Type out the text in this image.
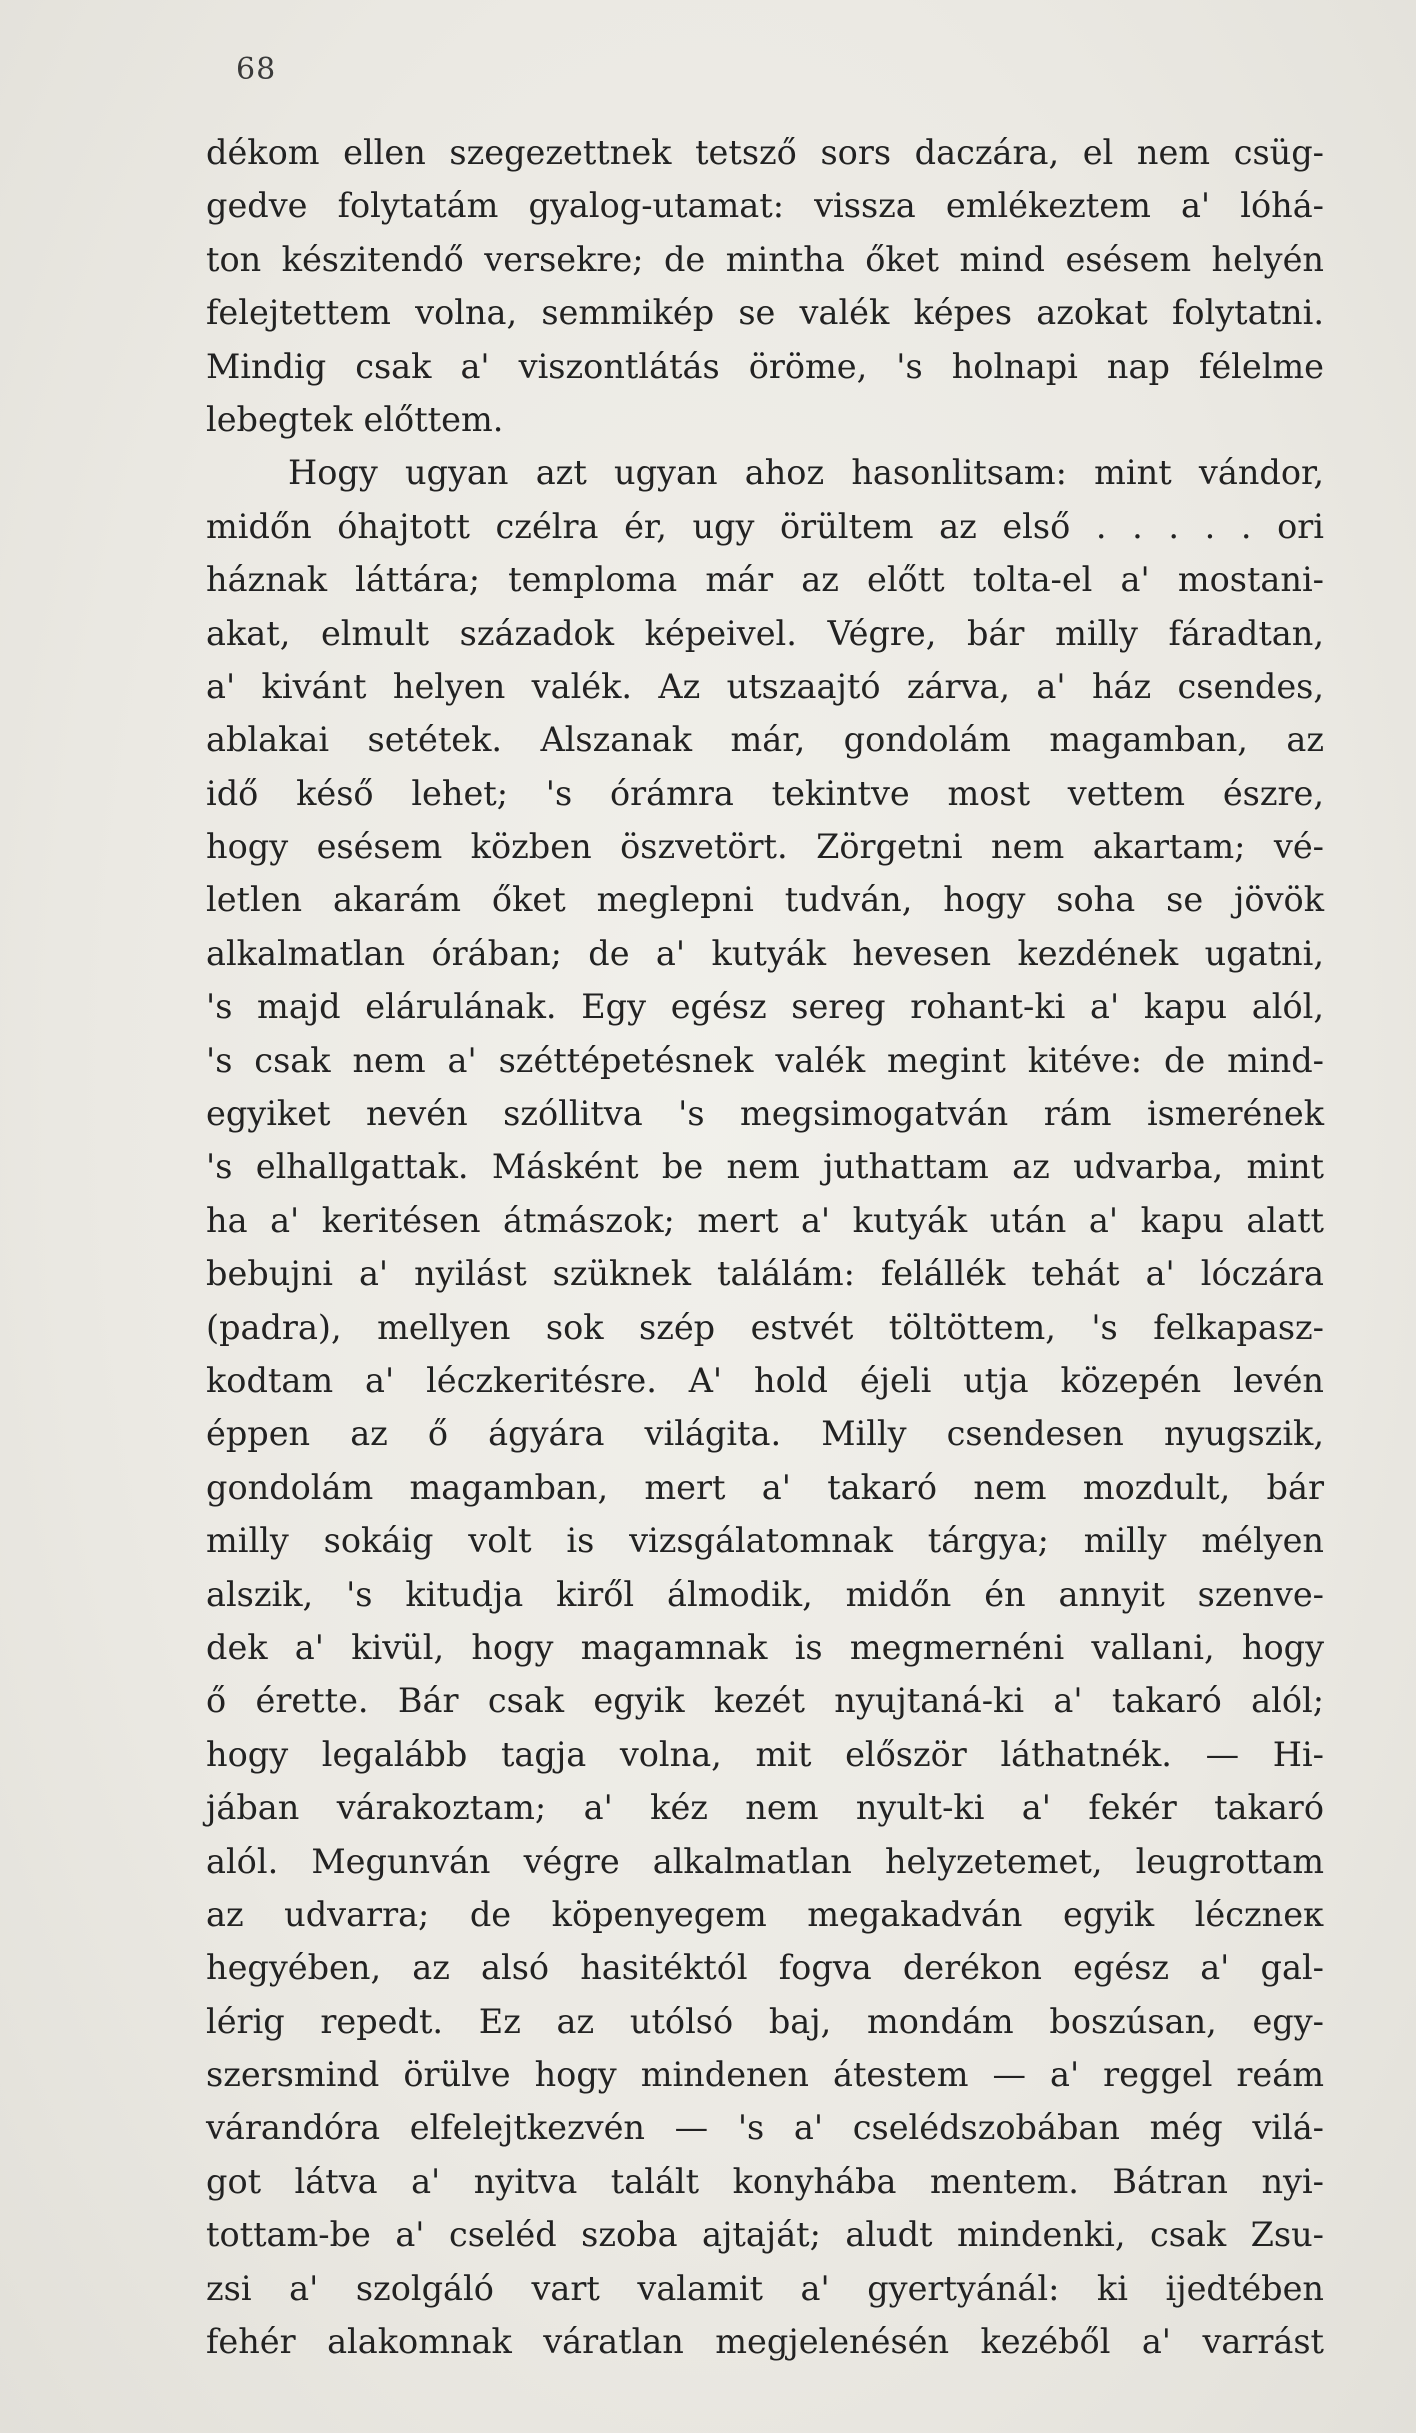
68
dékom ellen szegezettnek tetsző sors daczára, el nem csüg-
gedve folytatám gyalog-utamat: vissza emlékeztem a' lóhá-
ton készitendő versekre; de mintha őket mind esésem helyén
felejtettem volna, semmikép se valék képes azokat folytatni.
Mindig csak a' viszontlátás öröme, 's holnapi nap félelme
lebegtek előttem.
Hogy ugyan azt ugyan ahoz hasonlitsam: mint vándor,
midőn óhajtott czélra ér, ugy örültem az első . . . . . ori
háznak láttára; temploma már az előtt tolta-el a' mostani-
akat, elmult századok képeivel. Végre, bár milly fáradtan,
a' kivánt helyen valék. Az utszaajtó zárva, a' ház csendes,
ablakai setétek. Alszanak már, gondolám magamban, az
idő késő lehet; 's órámra tekintve most vettem észre,
hogy esésem közben öszvetört. Zörgetni nem akartam; vé-
letlen akarám őket meglepni tudván, hogy soha se jövök
alkalmatlan órában; de a' kutyák hevesen kezdének ugatni,
's majd elárulának. Egy egész sereg rohant-ki a' kapu alól,
's csak nem a' széttépetésnek valék megint kitéve: de mind-
egyiket nevén szóllitva 's megsimogatván rám ismerének
's elhallgattak. Másként be nem juthattam az udvarba, mint
ha a' keritésen átmászok; mert a' kutyák után a' kapu alatt
bebujni a' nyilást szüknek találám: felállék tehát a' lóczára
(padra), mellyen sok szép estvét töltöttem, 's felkapasz-
kodtam a' léczkeritésre. A' hold éjeli utja közepén levén
éppen az ő ágyára világita. Milly csendesen nyugszik,
gondolám magamban, mert a' takaró nem mozdult, bár
milly sokáig volt is vizsgálatomnak tárgya; milly mélyen
alszik, 's kitudja kiről álmodik, midőn én annyit szenve-
dek a' kivül, hogy magamnak is megmernéni vallani, hogy
ő érette. Bár csak egyik kezét nyujtaná-ki a' takaró alól;
hogy legalább tagja volna, mit először láthatnék. — Hi-
jában várakoztam; a' kéz nem nyult-ki a' fekér takaró
alól. Megunván végre alkalmatlan helyzetemet, leugrottam
az udvarra; de köpenyegem megakadván egyik léczneк
hegyében, az alsó hasitéktól fogva derékon egész a' gal-
lérig repedt. Ez az utólsó baj, mondám boszúsan, egy-
szersmind örülve hogy mindenen átestem — a' reggel reám
várandóra elfelejtkezvén — 's a' cselédszobában még vilá-
got látva a' nyitva talált konyhába mentem. Bátran nyi-
tottam-be a' cseléd szoba ajtaját; aludt mindenki, csak Zsu-
zsi a' szolgáló vart valamit a' gyertyánál: ki ijedtében
fehér alakomnak váratlan megjelenésén kezéből a' varrást
